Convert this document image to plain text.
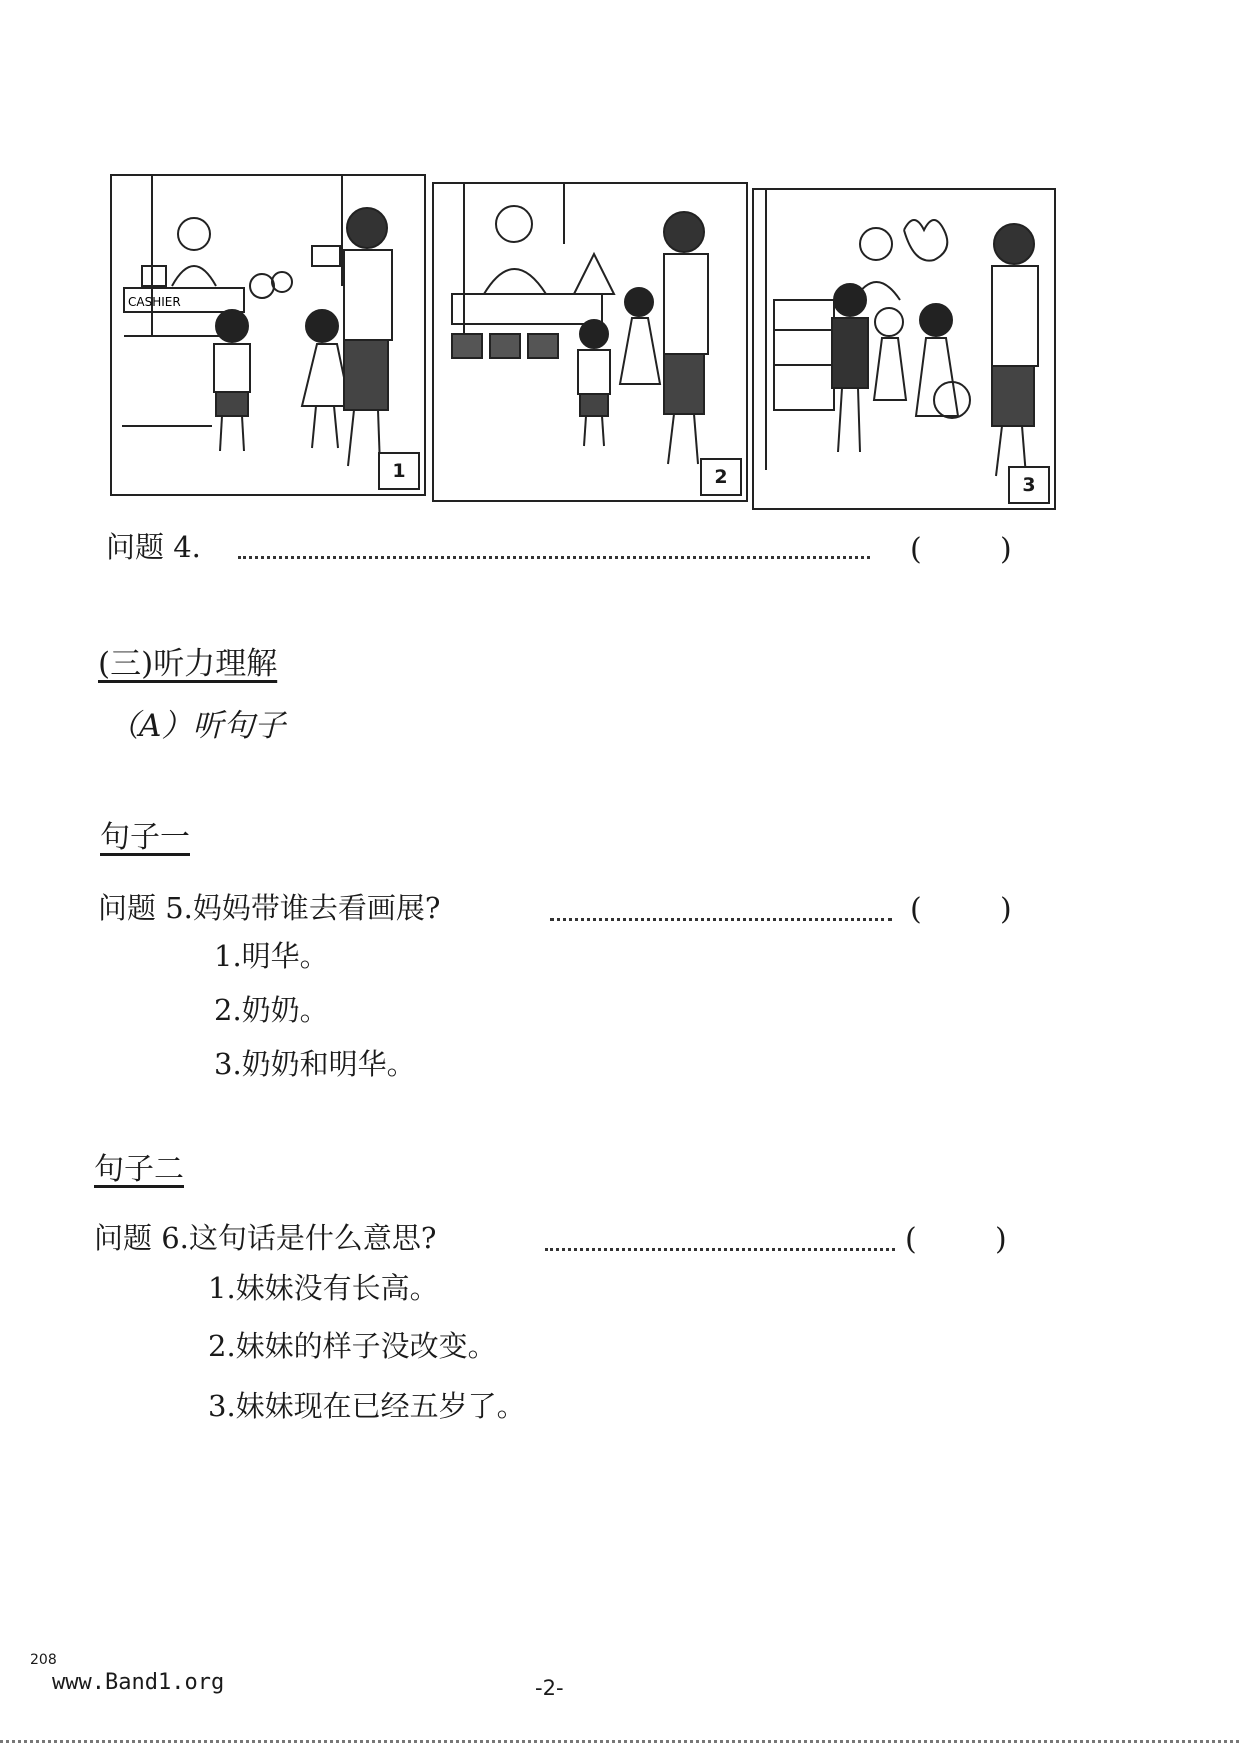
CASHIER
1	2	3
问题 4.	(	)
(三)听力理解
（A）听句子
句子一
问题 5.妈妈带谁去看画展?	(	)
1.明华。
2.奶奶。
3.奶奶和明华。
句子二
问题 6.这句话是什么意思?	(	)
1.妹妹没有长高。
2.妹妹的样子没改变。
3.妹妹现在已经五岁了。
208
www.Band1.org	-2-
